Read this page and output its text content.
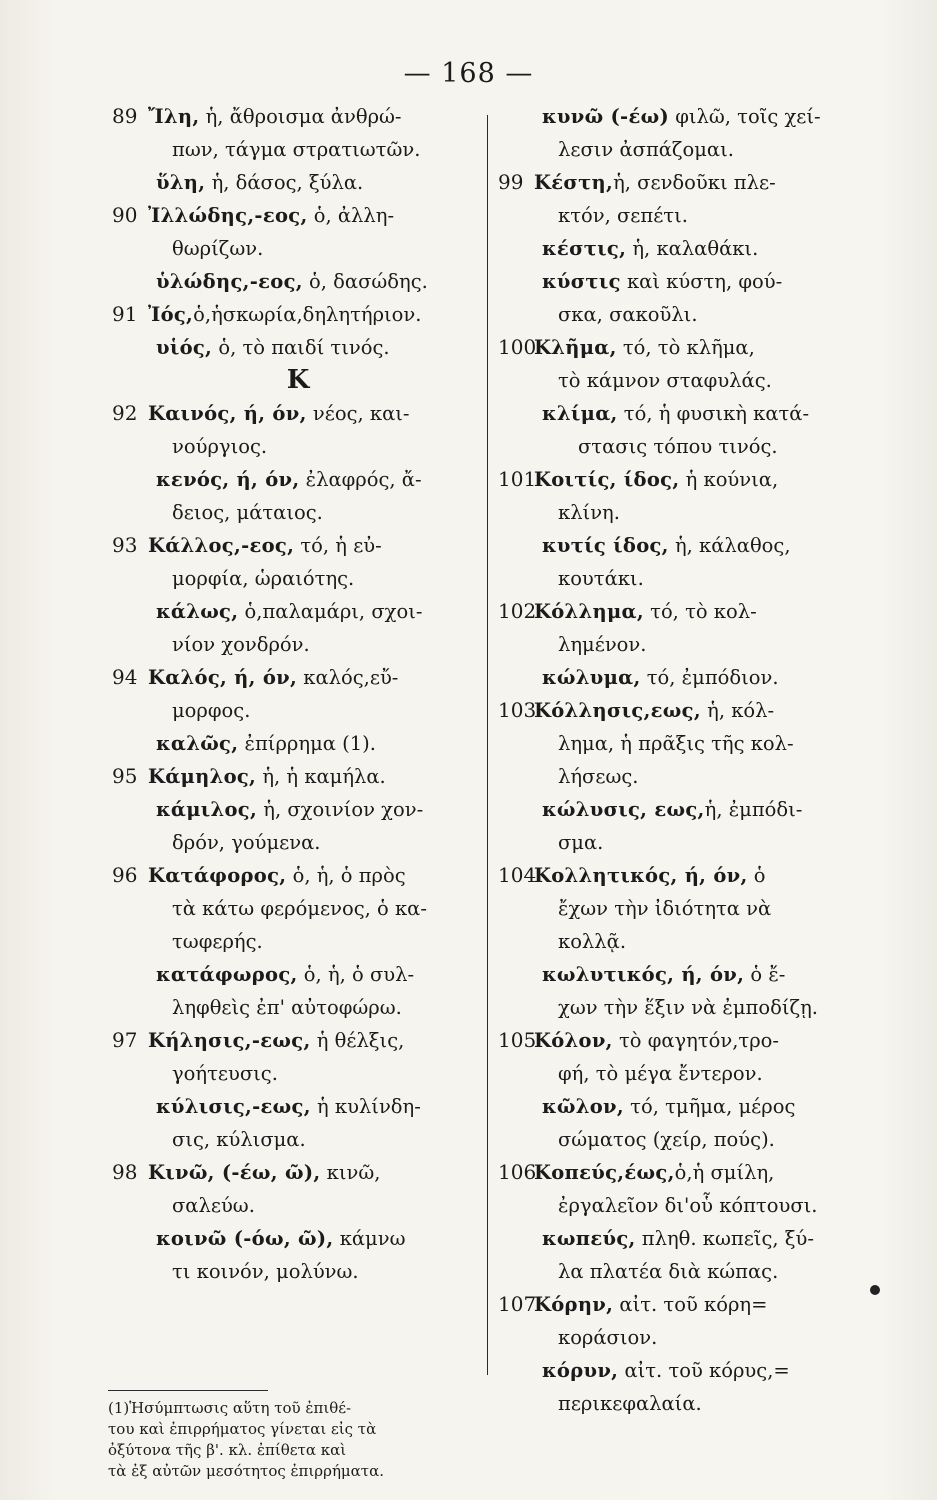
— 168 —
89 Ἴλη, ἡ, ἄθροισμα ἀνθρώ-
πων, τάγμα στρατιωτῶν.
ὕλη, ἡ, δάσος, ξύλα.
90 Ἰλλώδης,-εος, ὁ, ἀλλη-
θωρίζων.
ὑλώδης,-εος, ὁ, δασώδης.
91 Ἰός,ὁ,ἡσκωρία,δηλητήριον.
υἱός, ὁ, τὸ παιδί τινός.
Κ
92 Καινός, ή, όν, νέος, και-
νούργιος.
κενός, ή, όν, ἐλαφρός, ἄ-
δειος, μάταιος.
93 Κάλλος,-εος, τό, ἡ εὐ-
μορφία, ὡραιότης.
κάλως, ὁ,παλαμάρι, σχοι-
νίον χονδρόν.
94 Καλός, ή, όν, καλός,εὔ-
μορφος.
καλῶς, ἐπίρρημα (1).
95 Κάμηλος, ἡ, ἡ καμήλα.
κάμιλος, ἡ, σχοινίον χον-
δρόν, γούμενα.
96 Κατάφορος, ὁ, ἡ, ὁ πρὸς
τὰ κάτω φερόμενος, ὁ κα-
τωφερής.
κατάφωρος, ὁ, ἡ, ὁ συλ-
ληφθεὶς ἐπ' αὐτοφώρω.
97 Κήλησις,-εως, ἡ θέλξις,
γοήτευσις.
κύλισις,-εως, ἡ κυλίνδη-
σις, κύλισμα.
98 Κινῶ, (-έω, ῶ), κινῶ,
σαλεύω.
κοινῶ (-όω, ῶ), κάμνω
τι κοινόν, μολύνω.
κυνῶ (-έω) φιλῶ, τοῖς χεί-
λεσιν ἀσπάζομαι.
99 Κέστη,ἡ, σενδοῦκι πλε-
κτόν, σεπέτι.
κέστις, ἡ, καλαθάκι.
κύστις καὶ κύστη, φού-
σκα, σακοῦλι.
100Κλῆμα, τό, τὸ κλῆμα,
τὸ κάμνον σταφυλάς.
κλίμα, τό, ἡ φυσικὴ κατά-
στασις τόπου τινός.
101Κοιτίς, ίδος, ἡ κούνια,
κλίνη.
κυτίς ίδος, ἡ, κάλαθος,
κουτάκι.
102Κόλλημα, τό, τὸ κολ-
λημένον.
κώλυμα, τό, ἐμπόδιον.
103Κόλλησις,εως, ἡ, κόλ-
λημα, ἡ πρᾶξις τῆς κολ-
λήσεως.
κώλυσις, εως,ἡ, ἐμπόδι-
σμα.
104Κολλητικός, ή, όν, ὁ
ἔχων τὴν ἰδιότητα νὰ
κολλᾷ.
κωλυτικός, ή, όν, ὁ ἔ-
χων τὴν ἕξιν νὰ ἐμποδίζῃ.
105Κόλον, τὸ φαγητόν,τρο-
φή, τὸ μέγα ἔντερον.
κῶλον, τό, τμῆμα, μέρος
σώματος (χείρ, πούς).
106Κοπεύς,έως,ὁ,ἡ σμίλη,
ἐργαλεῖον δι'οὗ κόπτουσι.
κωπεύς, πληθ. κωπεῖς, ξύ-
λα πλατέα διὰ κώπας.
107Κόρην, αἰτ. τοῦ κόρη=
κοράσιον.
κόρυν, αἰτ. τοῦ κόρυς,=
περικεφαλαία.
(1)Ἡσύμπτωσις αὕτη τοῦ ἐπιθέ-
του καὶ ἐπιρρήματος γίνεται εἰς τὰ
ὀξύτονα τῆς β'. κλ. ἐπίθετα καὶ
τὰ ἐξ αὐτῶν μεσότητος ἐπιρρήματα.
